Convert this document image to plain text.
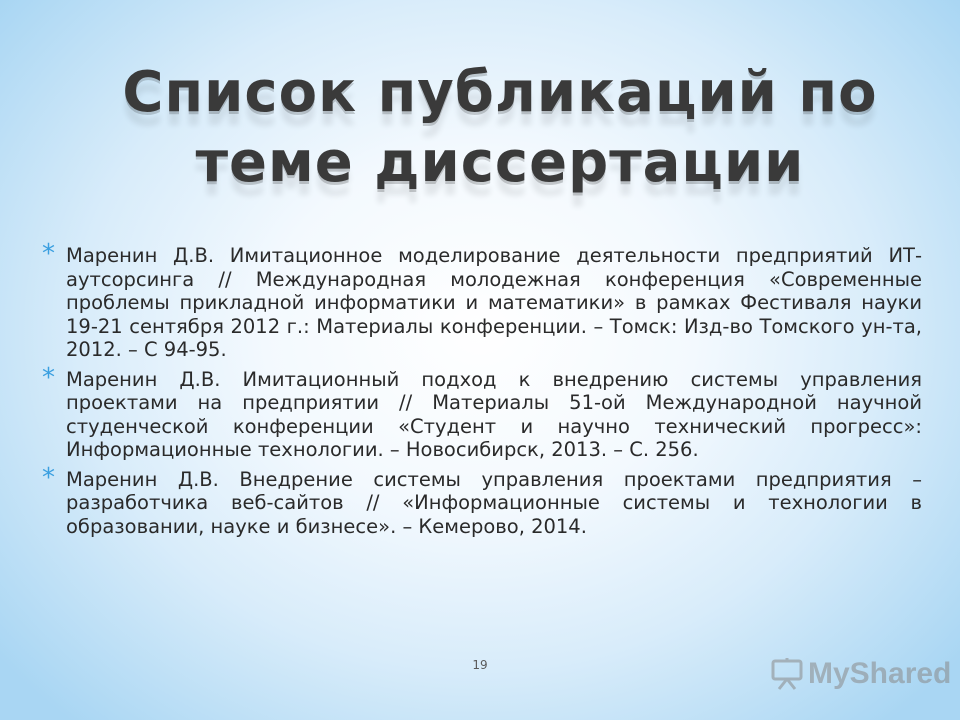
Список публикаций по
теме диссертации
* Маренин Д.В. Имитационное моделирование деятельности предприятий ИТ-аутсорсинга // Международная молодежная конференция «Современные проблемы прикладной информатики и математики» в рамках Фестиваля науки 19-21 сентября 2012 г.: Материалы конференции. – Томск: Изд-во Томского ун-та, 2012. – С 94-95.
* Маренин Д.В. Имитационный подход к внедрению системы управления проектами на предприятии // Материалы 51-ой Международной научной студенческой конференции «Студент и научно технический прогресс»: Информационные технологии. – Новосибирск, 2013. – С. 256.
* Маренин Д.В. Внедрение системы управления проектами предприятия – разработчика веб-сайтов // «Информационные системы и технологии в образовании, науке и бизнесе». – Кемерово, 2014.
19	MyShared
